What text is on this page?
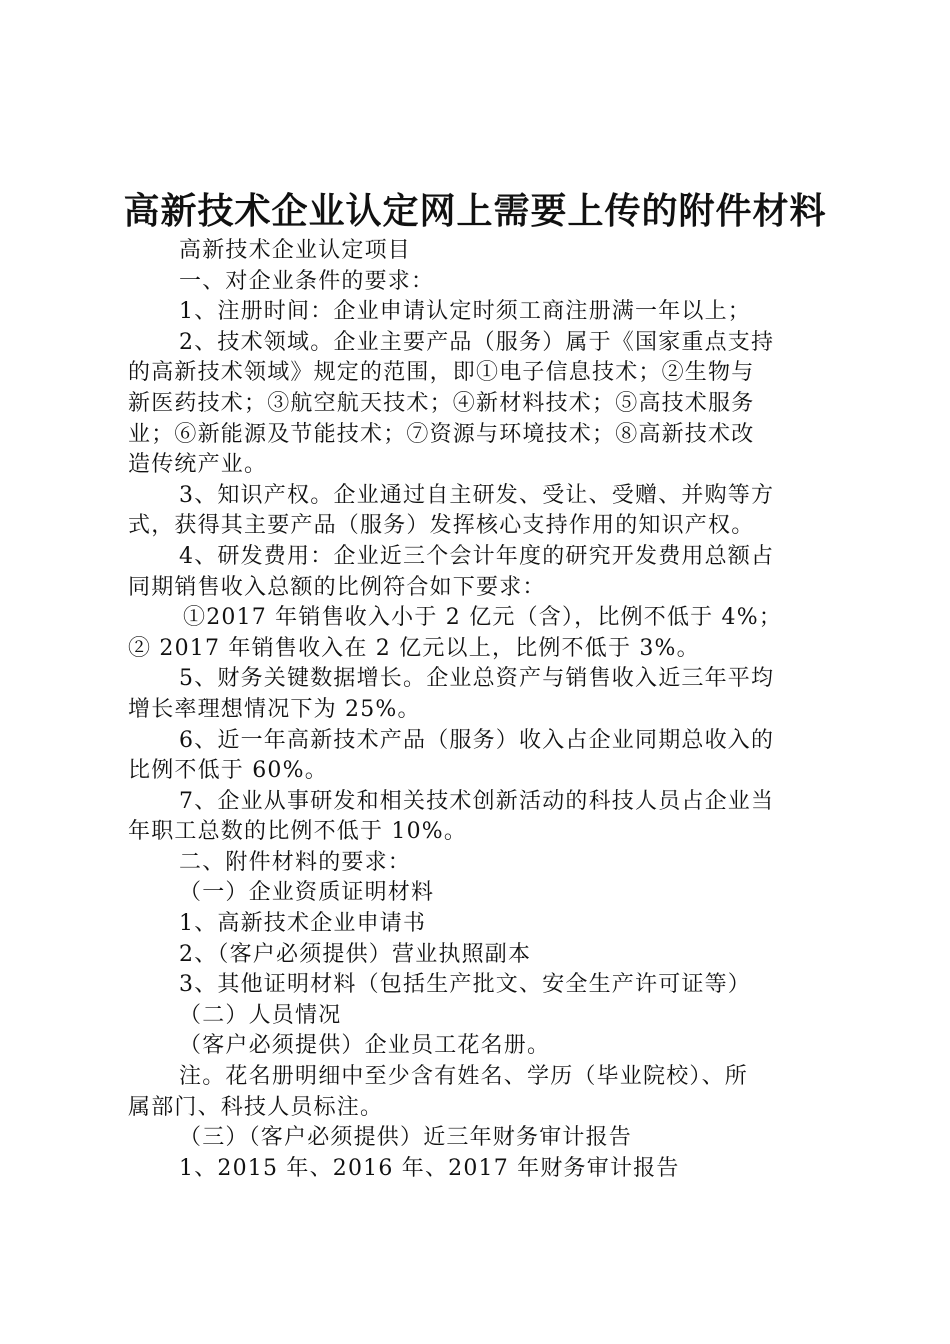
高新技术企业认定网上需要上传的附件材料

高新技术企业认定项目

一、对企业条件的要求：

1、注册时间：企业申请认定时须工商注册满一年以上；

2、技术领域。企业主要产品（服务）属于《国家重点支持

的高新技术领域》规定的范围，即①电子信息技术；②生物与

新医药技术；③航空航天技术；④新材料技术；⑤高技术服务

业；⑥新能源及节能技术；⑦资源与环境技术；⑧高新技术改

造传统产业。

3、知识产权。企业通过自主研发、受让、受赠、并购等方

式，获得其主要产品（服务）发挥核心支持作用的知识产权。

4、研发费用：企业近三个会计年度的研究开发费用总额占

同期销售收入总额的比例符合如下要求：

①2017 年销售收入小于 2 亿元（含），比例不低于 4%；

② 2017 年销售收入在 2 亿元以上，比例不低于 3%。

5、财务关键数据增长。企业总资产与销售收入近三年平均

增长率理想情况下为 25%。

6、近一年高新技术产品（服务）收入占企业同期总收入的

比例不低于 60%。

7、企业从事研发和相关技术创新活动的科技人员占企业当

年职工总数的比例不低于 10%。

二、附件材料的要求：

（一）企业资质证明材料

1、高新技术企业申请书

2、（客户必须提供）营业执照副本

3、其他证明材料（包括生产批文、安全生产许可证等）

（二）人员情况

（客户必须提供）企业员工花名册。

注。花名册明细中至少含有姓名、学历（毕业院校）、所

属部门、科技人员标注。

（三）（客户必须提供）近三年财务审计报告

1、2015 年、2016 年、2017 年财务审计报告
